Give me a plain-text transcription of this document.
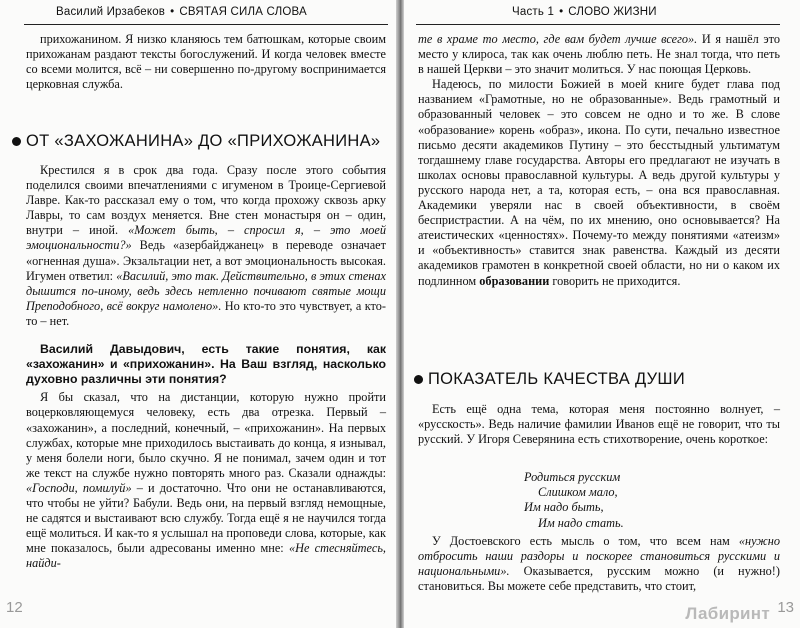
Василий Ирзабеков • СВЯТАЯ СИЛА СЛОВА

прихожанином. Я низко кланяюсь тем батюшкам, которые своим прихожанам раздают тексты богослужений. И когда человек вместе со всеми молится, всё – ни совершенно по-другому воспринимается церковная служба.

ОТ «ЗАХОЖАНИНА» ДО «ПРИХОЖАНИНА»

Крестился я в срок два года. Сразу после этого события поделился своими впечатлениями с игуменом в Троице-Сергиевой Лавре. Как-то рассказал ему о том, что когда прохожу сквозь арку Лавры, то сам воздух меняется. Вне стен монастыря он – один, внутри – иной. «Может быть, – спросил я, – это моей эмоциональности?» Ведь «азербайджанец» в переводе означает «огненная душа». Экзальтации нет, а вот эмоциональность высокая. Игумен ответил: «Василий, это так. Действительно, в этих стенах дышится по-иному, ведь здесь нетленно почивают святые мощи Преподобного, всё вокруг намолено». Но кто-то это чувствует, а кто-то – нет.

Василий Давыдович, есть такие понятия, как «захожанин» и «прихожанин». На Ваш взгляд, насколько духовно различны эти понятия?

Я бы сказал, что на дистанции, которую нужно пройти воцерковляющемуся человеку, есть два отрезка. Первый – «захожанин», а последний, конечный, – «прихожанин». На первых службах, которые мне приходилось выстаивать до конца, я изнывал, у меня болели ноги, было скучно. Я не понимал, зачем один и тот же текст на службе нужно повторять много раз. Сказали однажды: «Господи, помилуй» – и достаточно. Что они не останавливаются, что чтобы не уйти? Бабули. Ведь они, на первый взгляд немощные, не садятся и выстаивают всю службу. Тогда ещё я не научился тогда ещё молиться. И как-то я услышал на проповеди слова, которые, как мне показалось, были адресованы именно мне: «Не стесняйтесь, найди-

12
Часть 1 • СЛОВО ЖИЗНИ

те в храме то место, где вам будет лучше всего». И я нашёл это место у клироса, так как очень люблю петь. Не знал тогда, что петь в нашей Церкви – это значит молиться. У нас поющая Церковь.

Надеюсь, по милости Божией в моей книге будет глава под названием «Грамотные, но не образованные». Ведь грамотный и образованный человек – это совсем не одно и то же. В слове «образование» корень «образ», икона. По сути, печально известное письмо десяти академиков Путину – это бесстыдный ультиматум тогдашнему главе государства. Авторы его предлагают не изучать в школах основы православной культуры. А ведь другой культуры у русского народа нет, а та, которая есть, – она вся православная. Академики уверяли нас в своей объективности, в своём беспристрастии. А на чём, по их мнению, оно основывается? На атеистических «ценностях». Почему-то между понятиями «атеизм» и «объективность» ставится знак равенства. Каждый из десяти академиков грамотен в конкретной своей области, но ни о каком их подлинном образовании говорить не приходится.

ПОКАЗАТЕЛЬ КАЧЕСТВА ДУШИ

Есть ещё одна тема, которая меня постоянно волнует, – «русскость». Ведь наличие фамилии Иванов ещё не говорит, что ты русский. У Игоря Северянина есть стихотворение, очень короткое:

Родиться русским
Слишком мало,
Им надо быть,
Им надо стать.

У Достоевского есть мысль о том, что всем нам «нужно отбросить наши раздоры и поскорее становиться русскими и национальными». Оказывается, русским можно (и нужно!) становиться. Вы можете себе представить, что стоит,

Лабиринт 13
